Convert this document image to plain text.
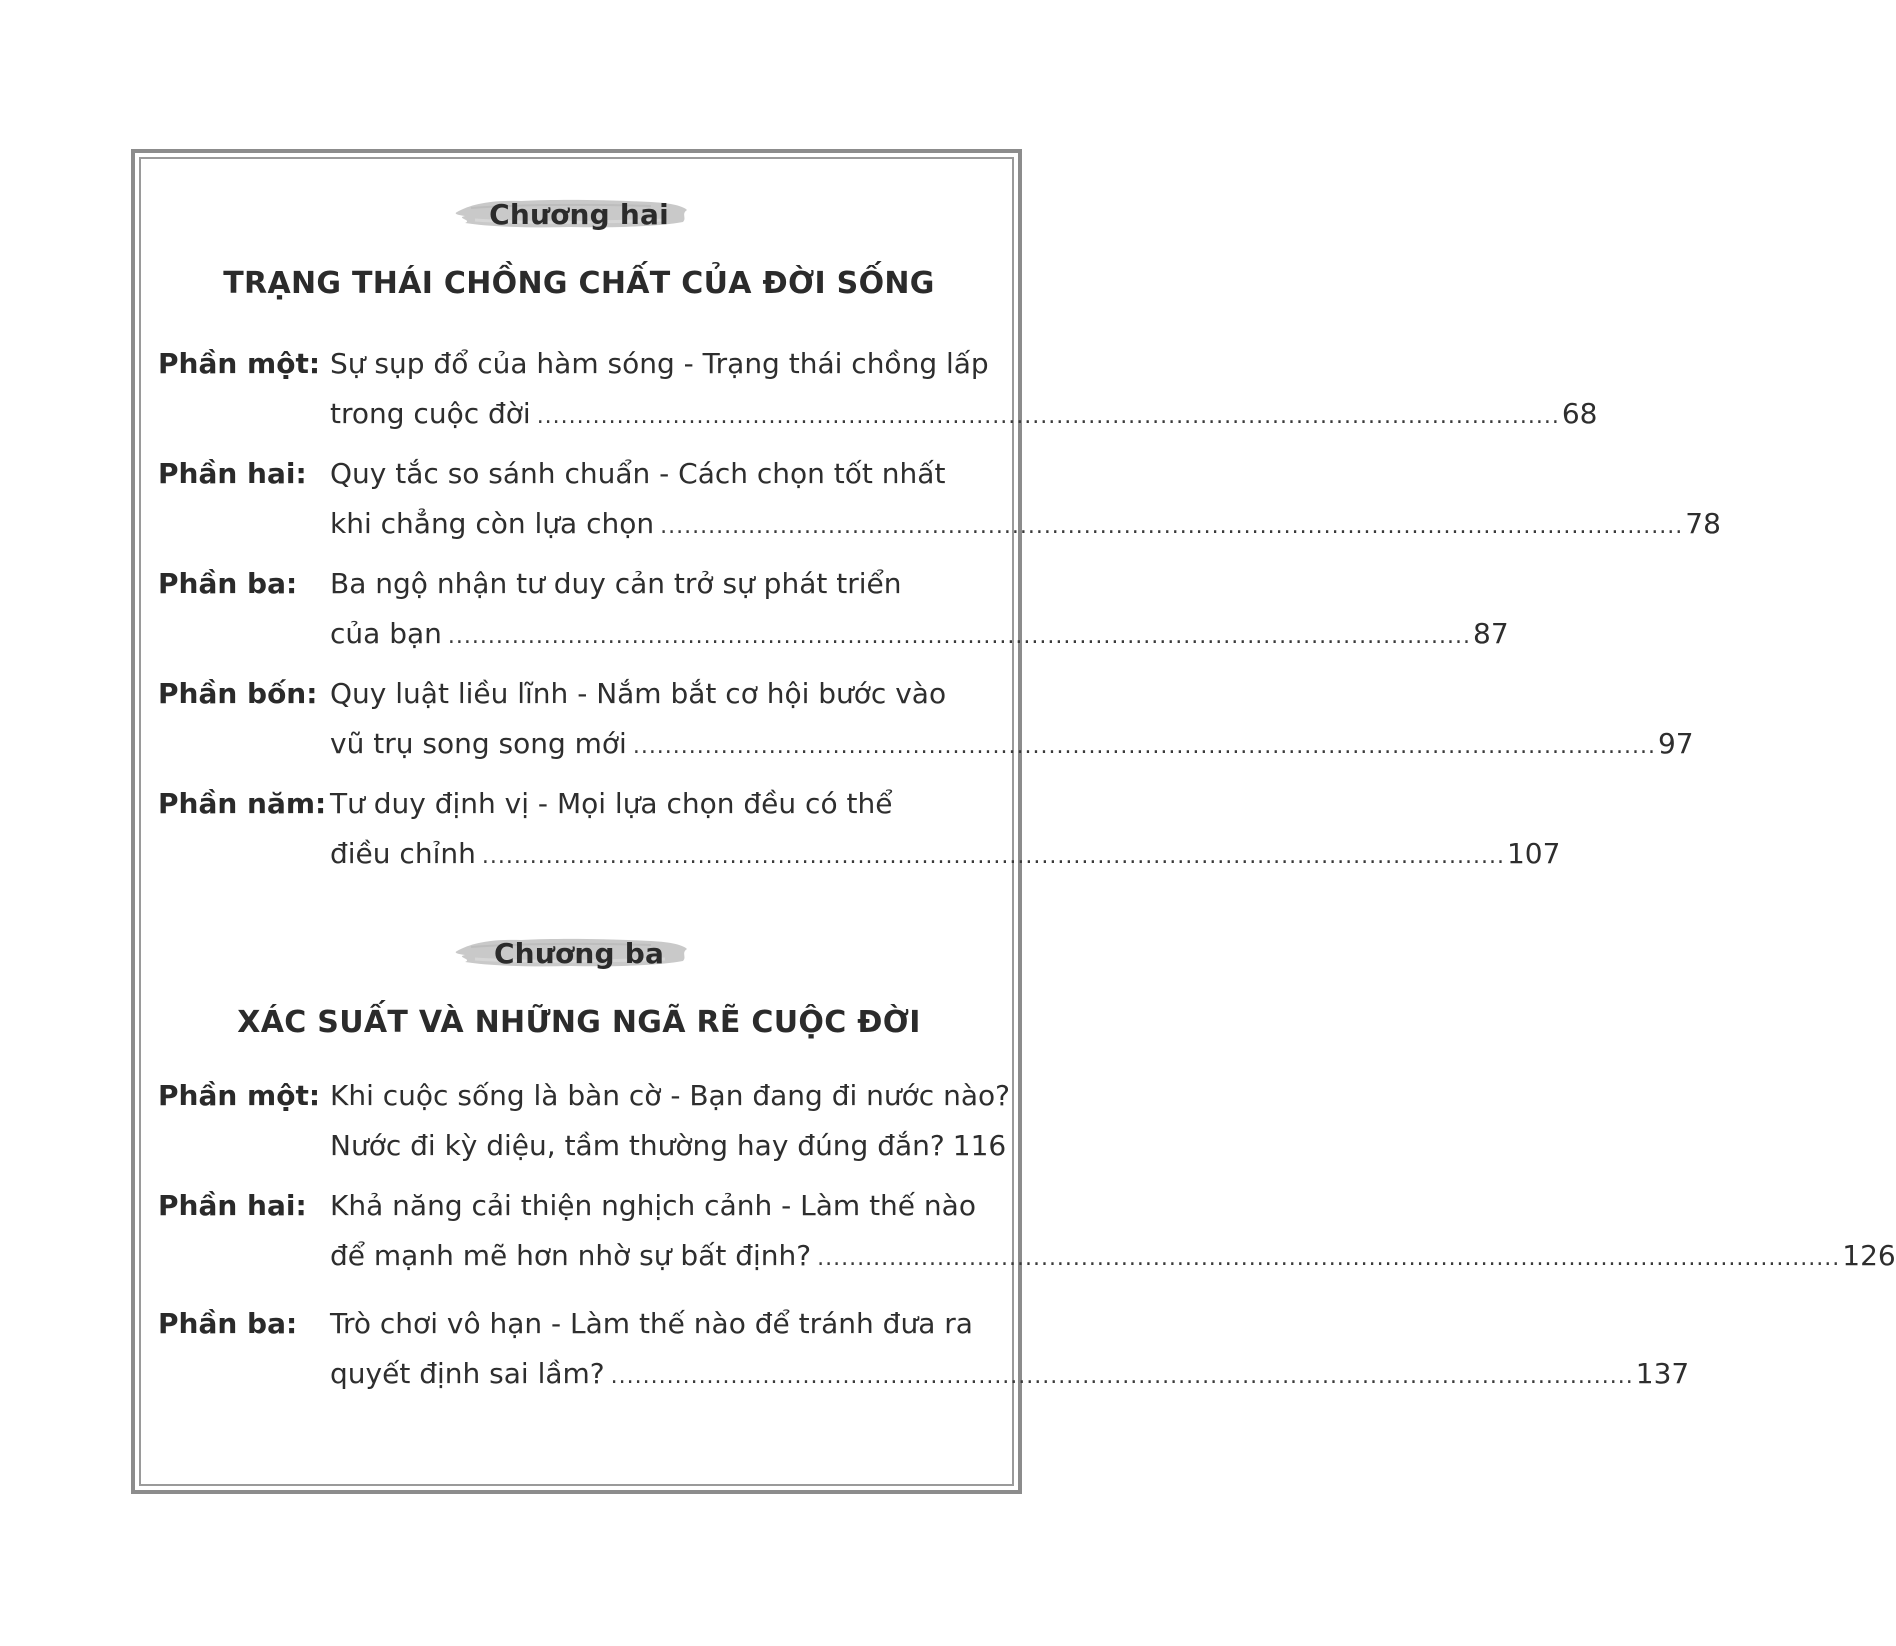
Chương hai
TRẠNG THÁI CHỒNG CHẤT CỦA ĐỜI SỐNG
Phần một: Sự sụp đổ của hàm sóng - Trạng thái chồng lấp
trong cuộc đời ................................................................................................................................ 68
Phần hai: Quy tắc so sánh chuẩn - Cách chọn tốt nhất
khi chẳng còn lựa chọn ................................................................................................................................ 78
Phần ba: Ba ngộ nhận tư duy cản trở sự phát triển
của bạn ................................................................................................................................ 87
Phần bốn: Quy luật liều lĩnh - Nắm bắt cơ hội bước vào
vũ trụ song song mới ................................................................................................................................ 97
Phần năm: Tư duy định vị - Mọi lựa chọn đều có thể
điều chỉnh ................................................................................................................................ 107
Chương ba
XÁC SUẤT VÀ NHỮNG NGÃ RẼ CUỘC ĐỜI
Phần một: Khi cuộc sống là bàn cờ - Bạn đang đi nước nào?
Nước đi kỳ diệu, tầm thường hay đúng đắn? 116
Phần hai: Khả năng cải thiện nghịch cảnh - Làm thế nào
để mạnh mẽ hơn nhờ sự bất định? ................................................................................................................................ 126
Phần ba: Trò chơi vô hạn - Làm thế nào để tránh đưa ra
quyết định sai lầm? ................................................................................................................................ 137
